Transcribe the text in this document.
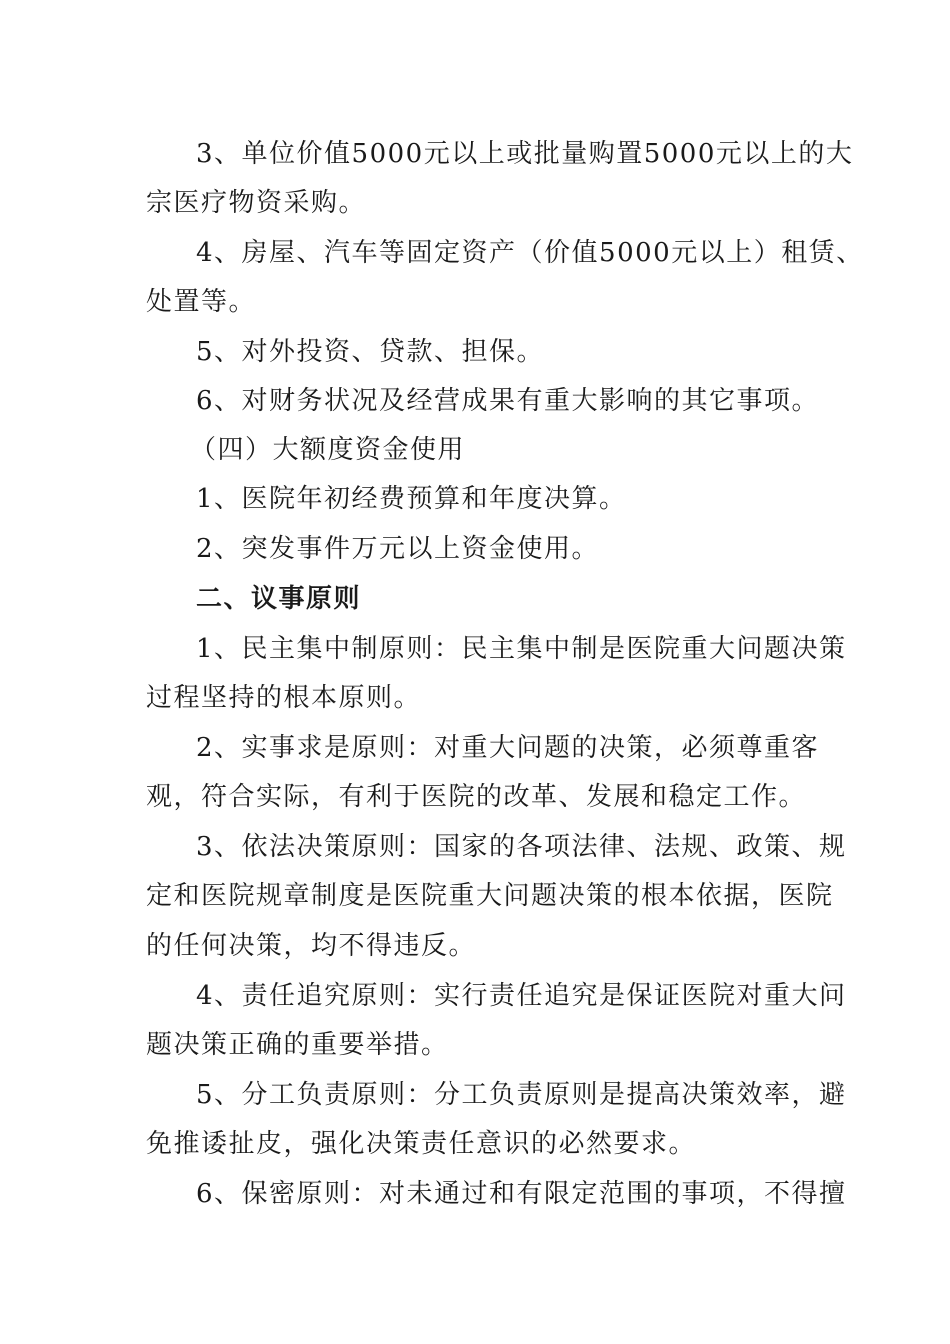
3、单位价值5000元以上或批量购置5000元以上的大
宗医疗物资采购。
4、房屋、汽车等固定资产（价值5000元以上）租赁、
处置等。
5、对外投资、贷款、担保。
6、对财务状况及经营成果有重大影响的其它事项。
（四）大额度资金使用
1、医院年初经费预算和年度决算。
2、突发事件万元以上资金使用。
二、议事原则
1、民主集中制原则：民主集中制是医院重大问题决策
过程坚持的根本原则。
2、实事求是原则：对重大问题的决策，必须尊重客
观，符合实际，有利于医院的改革、发展和稳定工作。
3、依法决策原则：国家的各项法律、法规、政策、规
定和医院规章制度是医院重大问题决策的根本依据，医院
的任何决策，均不得违反。
4、责任追究原则：实行责任追究是保证医院对重大问
题决策正确的重要举措。
5、分工负责原则：分工负责原则是提高决策效率，避
免推诿扯皮，强化决策责任意识的必然要求。
6、保密原则：对未通过和有限定范围的事项，不得擅
